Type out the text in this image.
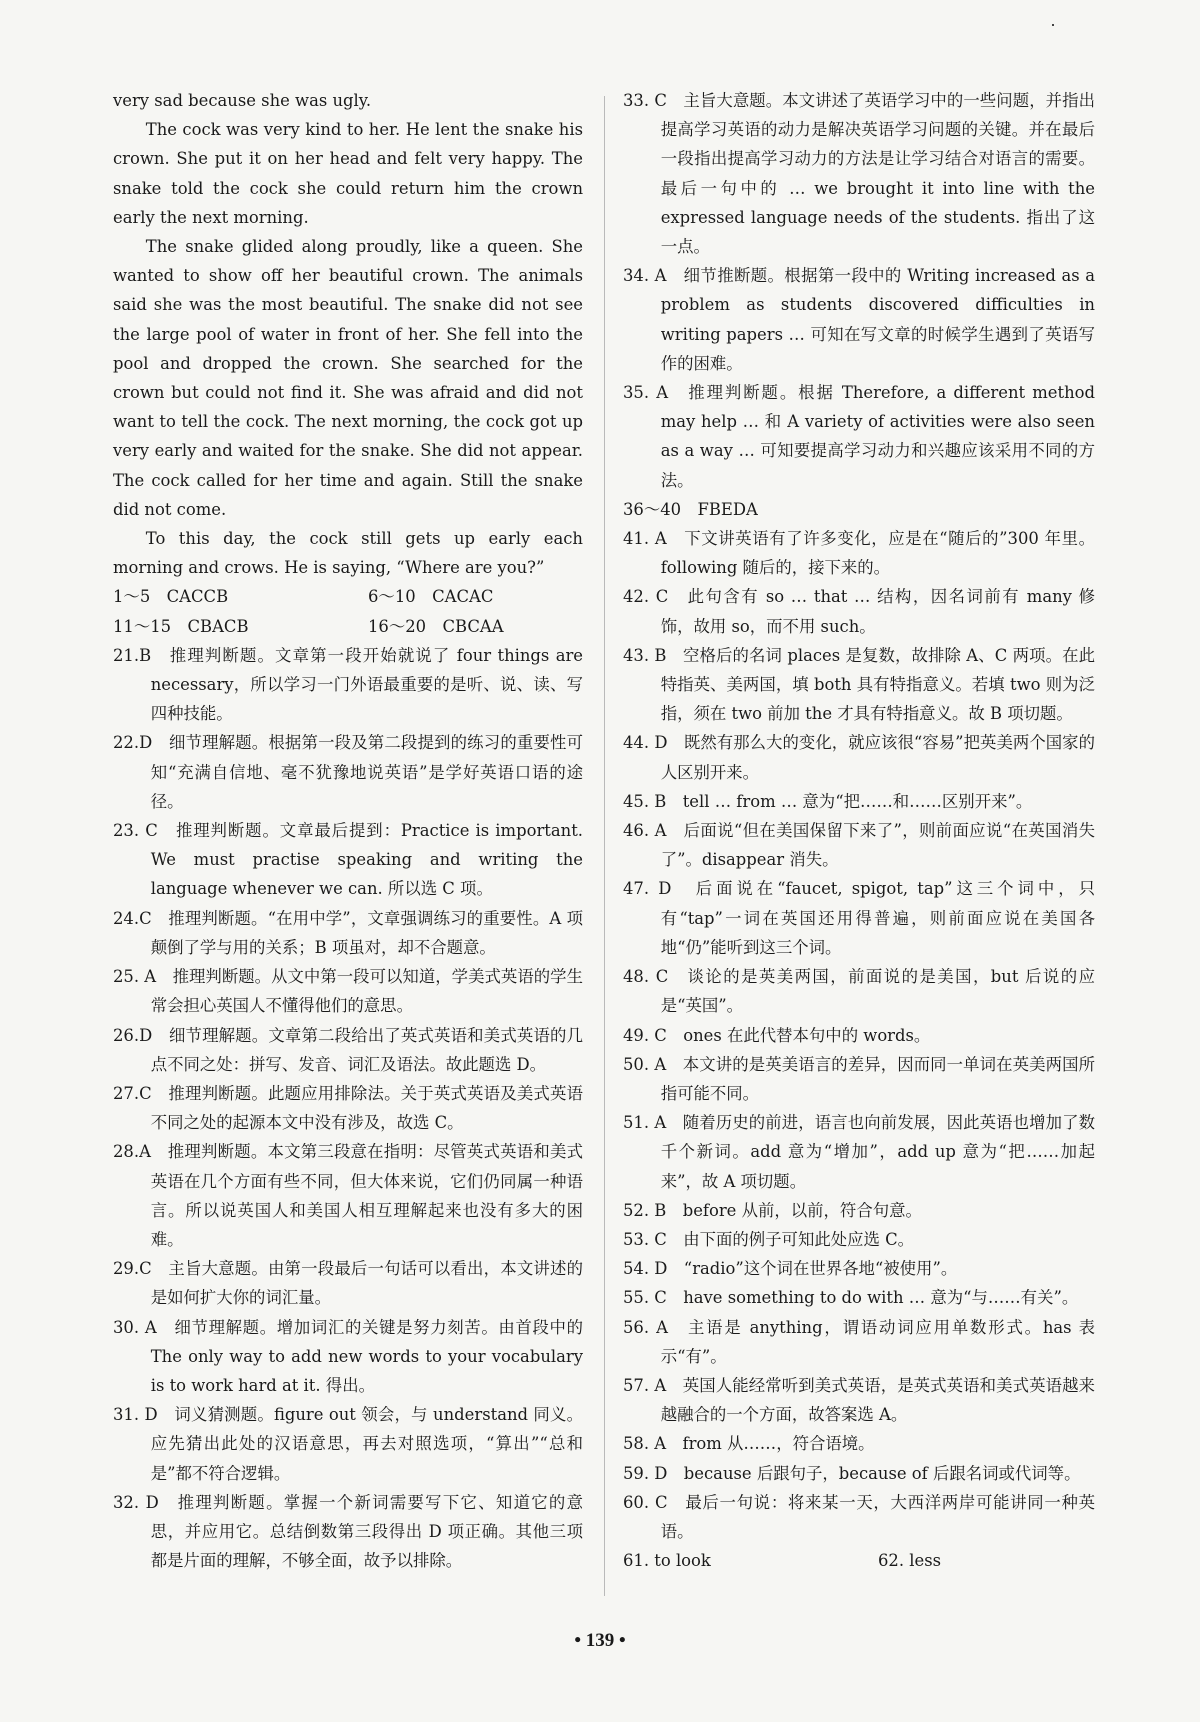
very sad because she was ugly.

The cock was very kind to her. He lent the snake his crown. She put it on her head and felt very happy. The snake told the cock she could return him the crown early the next morning.

The snake glided along proudly, like a queen. She wanted to show off her beautiful crown. The animals said she was the most beautiful. The snake did not see the large pool of water in front of her. She fell into the pool and dropped the crown. She searched for the crown but could not find it. She was afraid and did not want to tell the cock. The next morning, the cock got up very early and waited for the snake. She did not appear. The cock called for her time and again. Still the snake did not come.

To this day, the cock still gets up early each morning and crows. He is saying, “Where are you?”

1～5　CACCB	6～10　CACAC
11～15　CBACB	16～20　CBCAA

21.B　推理判断题。文章第一段开始就说了 four things are necessary，所以学习一门外语最重要的是听、说、读、写四种技能。

22.D　细节理解题。根据第一段及第二段提到的练习的重要性可知“充满自信地、毫不犹豫地说英语”是学好英语口语的途径。

23. C　推理判断题。文章最后提到：Practice is important. We must practise speaking and writing the language whenever we can. 所以选 C 项。

24.C　推理判断题。“在用中学”，文章强调练习的重要性。A 项颠倒了学与用的关系；B 项虽对，却不合题意。

25. A　推理判断题。从文中第一段可以知道，学美式英语的学生常会担心英国人不懂得他们的意思。

26.D　细节理解题。文章第二段给出了英式英语和美式英语的几点不同之处：拼写、发音、词汇及语法。故此题选 D。

27.C　推理判断题。此题应用排除法。关于英式英语及美式英语不同之处的起源本文中没有涉及，故选 C。

28.A　推理判断题。本文第三段意在指明：尽管英式英语和美式英语在几个方面有些不同，但大体来说，它们仍同属一种语言。所以说英国人和美国人相互理解起来也没有多大的困难。

29.C　主旨大意题。由第一段最后一句话可以看出，本文讲述的是如何扩大你的词汇量。

30. A　细节理解题。增加词汇的关键是努力刻苦。由首段中的 The only way to add new words to your vocabulary is to work hard at it. 得出。

31. D　词义猜测题。figure out 领会，与 understand 同义。应先猜出此处的汉语意思，再去对照选项，“算出”“总和是”都不符合逻辑。

32. D　推理判断题。掌握一个新词需要写下它、知道它的意思，并应用它。总结倒数第三段得出 D 项正确。其他三项都是片面的理解，不够全面，故予以排除。

33. C　主旨大意题。本文讲述了英语学习中的一些问题，并指出提高学习英语的动力是解决英语学习问题的关键。并在最后一段指出提高学习动力的方法是让学习结合对语言的需要。最后一句中的 … we brought it into line with the expressed language needs of the students. 指出了这一点。

34. A　细节推断题。根据第一段中的 Writing increased as a problem as students discovered difficulties in writing papers … 可知在写文章的时候学生遇到了英语写作的困难。

35. A　推理判断题。根据 Therefore, a different method may help … 和 A variety of activities were also seen as a way … 可知要提高学习动力和兴趣应该采用不同的方法。

36～40　FBEDA

41. A　下文讲英语有了许多变化，应是在“随后的”300 年里。following 随后的，接下来的。

42. C　此句含有 so … that … 结构，因名词前有 many 修饰，故用 so，而不用 such。

43. B　空格后的名词 places 是复数，故排除 A、C 两项。在此特指英、美两国，填 both 具有特指意义。若填 two 则为泛指，须在 two 前加 the 才具有特指意义。故 B 项切题。

44. D　既然有那么大的变化，就应该很“容易”把英美两个国家的人区别开来。

45. B　tell … from … 意为“把……和……区别开来”。

46. A　后面说“但在美国保留下来了”，则前面应说“在英国消失了”。disappear 消失。

47. D　后面说在“faucet, spigot, tap”这三个词中，只有“tap”一词在英国还用得普遍，则前面应说在美国各地“仍”能听到这三个词。

48. C　谈论的是英美两国，前面说的是美国，but 后说的应是“英国”。

49. C　ones 在此代替本句中的 words。

50. A　本文讲的是英美语言的差异，因而同一单词在英美两国所指可能不同。

51. A　随着历史的前进，语言也向前发展，因此英语也增加了数千个新词。add 意为“增加”，add up 意为“把……加起来”，故 A 项切题。

52. B　before 从前，以前，符合句意。

53. C　由下面的例子可知此处应选 C。

54. D　“radio”这个词在世界各地“被使用”。

55. C　have something to do with … 意为“与……有关”。

56. A　主语是 anything，谓语动词应用单数形式。has 表示“有”。

57. A　英国人能经常听到美式英语，是英式英语和美式英语越来越融合的一个方面，故答案选 A。

58. A　from 从……，符合语境。

59. D　because 后跟句子，because of 后跟名词或代词等。

60. C　最后一句说：将来某一天，大西洋两岸可能讲同一种英语。

61. to look	62. less
• 139 •
